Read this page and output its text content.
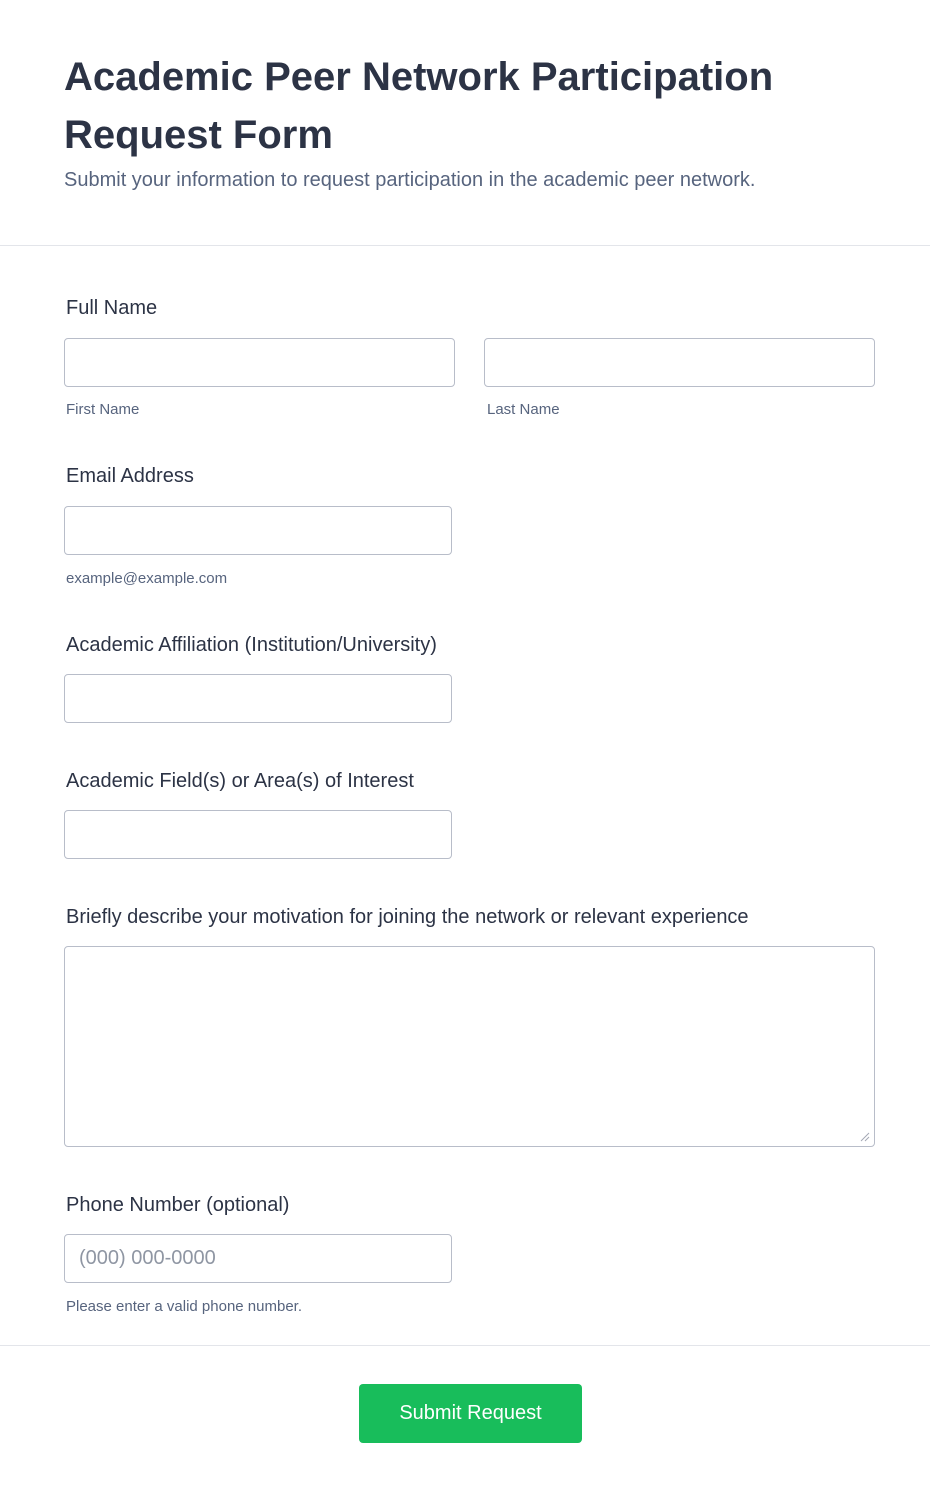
Academic Peer Network Participation Request Form

Submit your information to request participation in the academic peer network.

Full Name
First Name	Last Name
Email Address
example@example.com
Academic Affiliation (Institution/University)
Academic Field(s) or Area(s) of Interest
Briefly describe your motivation for joining the network or relevant experience
Phone Number (optional)
(000) 000-0000
Please enter a valid phone number.
Submit Request
